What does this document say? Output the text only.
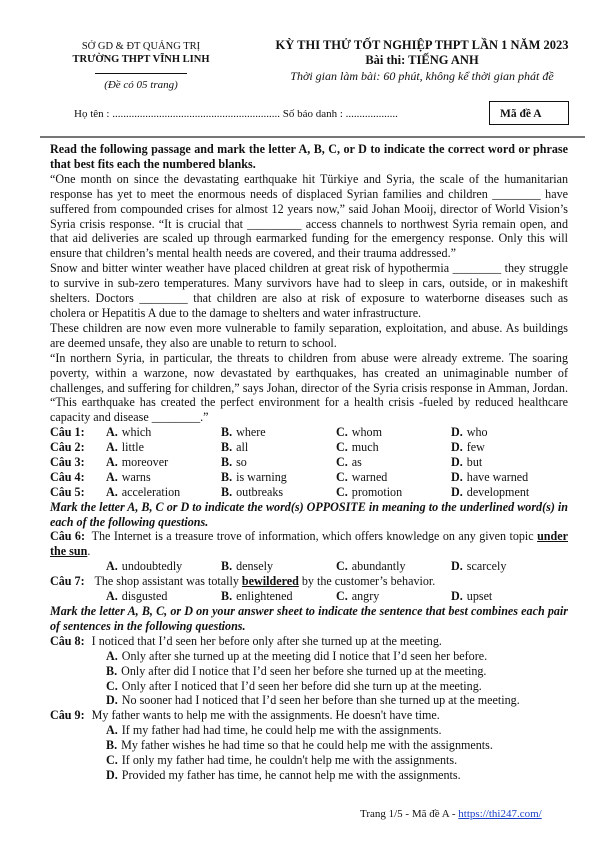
SỞ GD & ĐT QUẢNG TRỊ
TRƯỜNG THPT VĨNH LINH
(Đề có 05 trang)
KỲ THI THỬ TỐT NGHIỆP THPT LẦN 1 NĂM 2023
Bài thi: TIẾNG ANH
Thời gian làm bài: 60 phút, không kể thời gian phát đề
Họ tên : ............................................................. Số báo danh : ...................	Mã đề A

Read the following passage and mark the letter A, B, C, or D to indicate the correct word or phrase that best fits each the numbered blanks.

“One month on since the devastating earthquake hit Türkiye and Syria, the scale of the humanitarian response has yet to meet the enormous needs of displaced Syrian families and children ________ have suffered from compounded crises for almost 12 years now,” said Johan Mooij, director of World Vision’s Syria crisis response. “It is crucial that _________ access channels to northwest Syria remain open, and that aid deliveries are scaled up through earmarked funding for the emergency response. Only this will ensure that children’s mental health needs are covered, and their trauma addressed.”

Snow and bitter winter weather have placed children at great risk of hypothermia ________ they struggle to survive in sub-zero temperatures. Many survivors have had to sleep in cars, outside, or in makeshift shelters. Doctors ________ that children are also at risk of exposure to waterborne diseases such as cholera or Hepatitis A due to the damage to shelters and water infrastructure.

These children are now even more vulnerable to family separation, exploitation, and abuse. As buildings are deemed unsafe, they also are unable to return to school.

“In northern Syria, in particular, the threats to children from abuse were already extreme. The soaring poverty, within a warzone, now devastated by earthquakes, has created an unimaginable number of challenges, and suffering for children,” says Johan, director of the Syria crisis response in Amman, Jordan. “This earthquake has created the perfect environment for a health crisis -fueled by reduced healthcare capacity and disease ________.”

Câu 1:	A. which	B. where	C. whom	D. who
Câu 2:	A. little	B. all	C. much	D. few
Câu 3:	A. moreover	B. so	C. as	D. but
Câu 4:	A. warns	B. is warning	C. warned	D. have warned
Câu 5:	A. acceleration	B. outbreaks	C. promotion	D. development

Mark the letter A, B, C or D to indicate the word(s) OPPOSITE in meaning to the underlined word(s) in each of the following questions.

Câu 6: The Internet is a treasure trove of information, which offers knowledge on any given topic under the sun.

A. undoubtedly	B. densely	C. abundantly	D. scarcely

Câu 7: The shop assistant was totally bewildered by the customer’s behavior.

A. disgusted	B. enlightened	C. angry	D. upset

Mark the letter A, B, C, or D on your answer sheet to indicate the sentence that best combines each pair of sentences in the following questions.

Câu 8: I noticed that I’d seen her before only after she turned up at the meeting.

A. Only after she turned up at the meeting did I notice that I’d seen her before.
B. Only after did I notice that I’d seen her before she turned up at the meeting.
C. Only after I noticed that I’d seen her before did she turn up at the meeting.
D. No sooner had I noticed that I’d seen her before than she turned up at the meeting.

Câu 9: My father wants to help me with the assignments. He doesn't have time.

A. If my father had had time, he could help me with the assignments.
B. My father wishes he had time so that he could help me with the assignments.
C. If only my father had time, he couldn't help me with the assignments.
D. Provided my father has time, he cannot help me with the assignments.
Trang 1/5 - Mã đề A - https://thi247.com/
